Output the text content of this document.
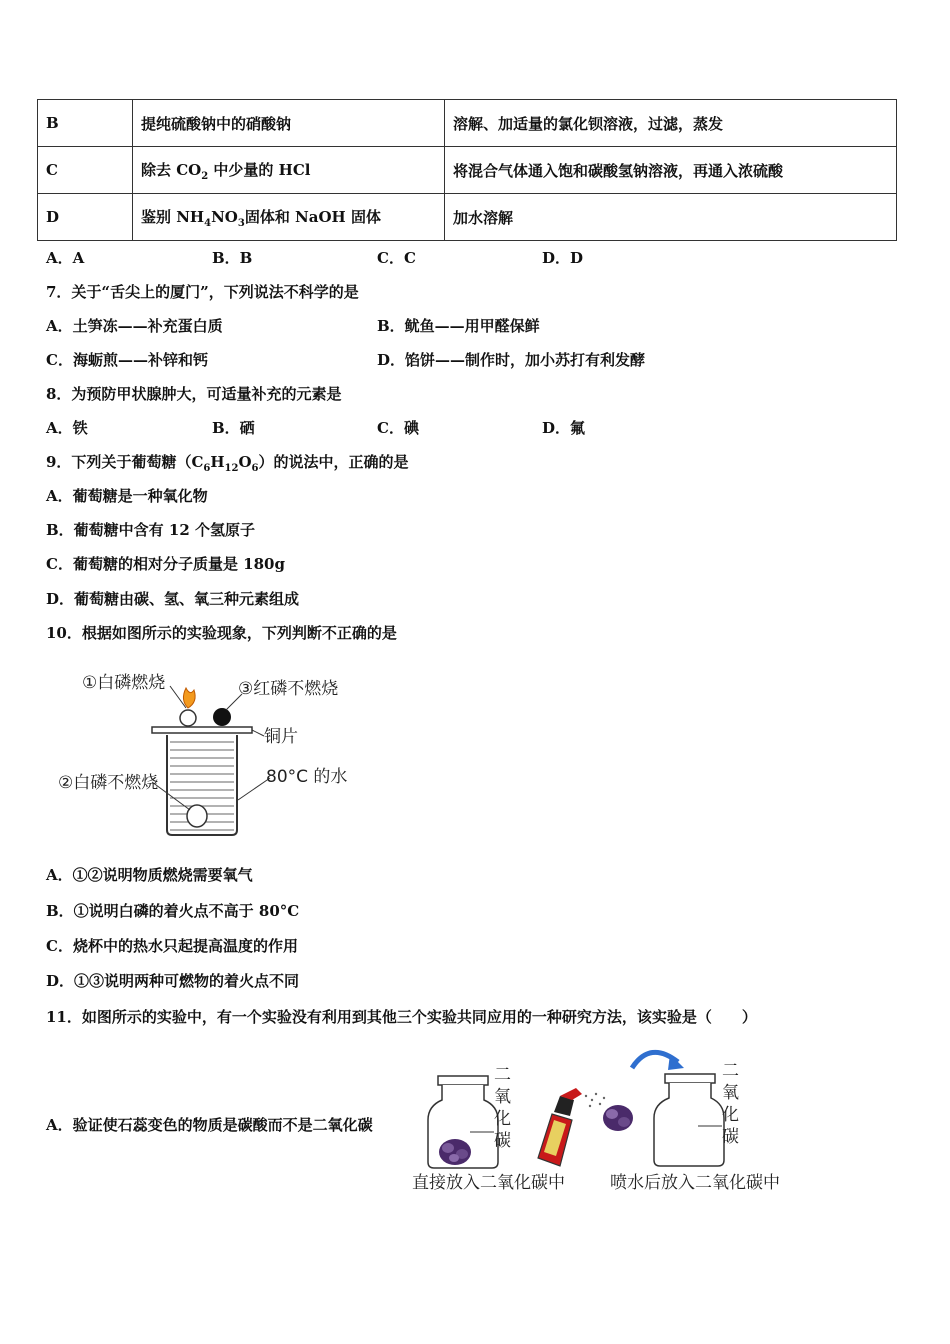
B	提纯硫酸钠中的硝酸钠	溶解、加适量的氯化钡溶液，过滤，蒸发
C	除去 $CO_2$ 中少量的 HCl	将混合气体通入饱和碳酸氢钠溶液，再通入浓硫酸
D	鉴别 $NH_4NO_3$固体和 NaOH 固体	加水溶解
A．A	B．B	C．C	D．D
7．关于“舌尖上的厦门”，下列说法不科学的是
A．土笋冻——补充蛋白质	B．鱿鱼——用甲醛保鲜
C．海蛎煎——补锌和钙	D．馅饼——制作时，加小苏打有利发酵
8．为预防甲状腺肿大，可适量补充的元素是
A．铁	B．硒	C．碘	D．氟
9．下列关于葡萄糖$(C_6H_{12}O_6)$的说法中，正确的是
A．葡萄糖是一种氧化物
B．葡萄糖中含有 12 个氢原子
C．葡萄糖的相对分子质量是 180g
D．葡萄糖由碳、氢、氧三种元素组成
10．根据如图所示的实验现象，下列判断不正确的是
①白磷燃烧	③红磷不燃烧
铜片
②白磷不燃烧	80°C 的水
A．①②说明物质燃烧需要氧气
B．①说明白磷的着火点不高于 80°C
C．烧杯中的热水只起提高温度的作用
D．①③说明两种可燃物的着火点不同
11．如图所示的实验中，有一个实验没有利用到其他三个实验共同应用的一种研究方法，该实验是（　　）
A．验证使石蕊变色的物质是碳酸而不是二氧化碳
二
氧
化
碳
二
氧
化
碳
直接放入二氧化碳中	喷水后放入二氧化碳中
